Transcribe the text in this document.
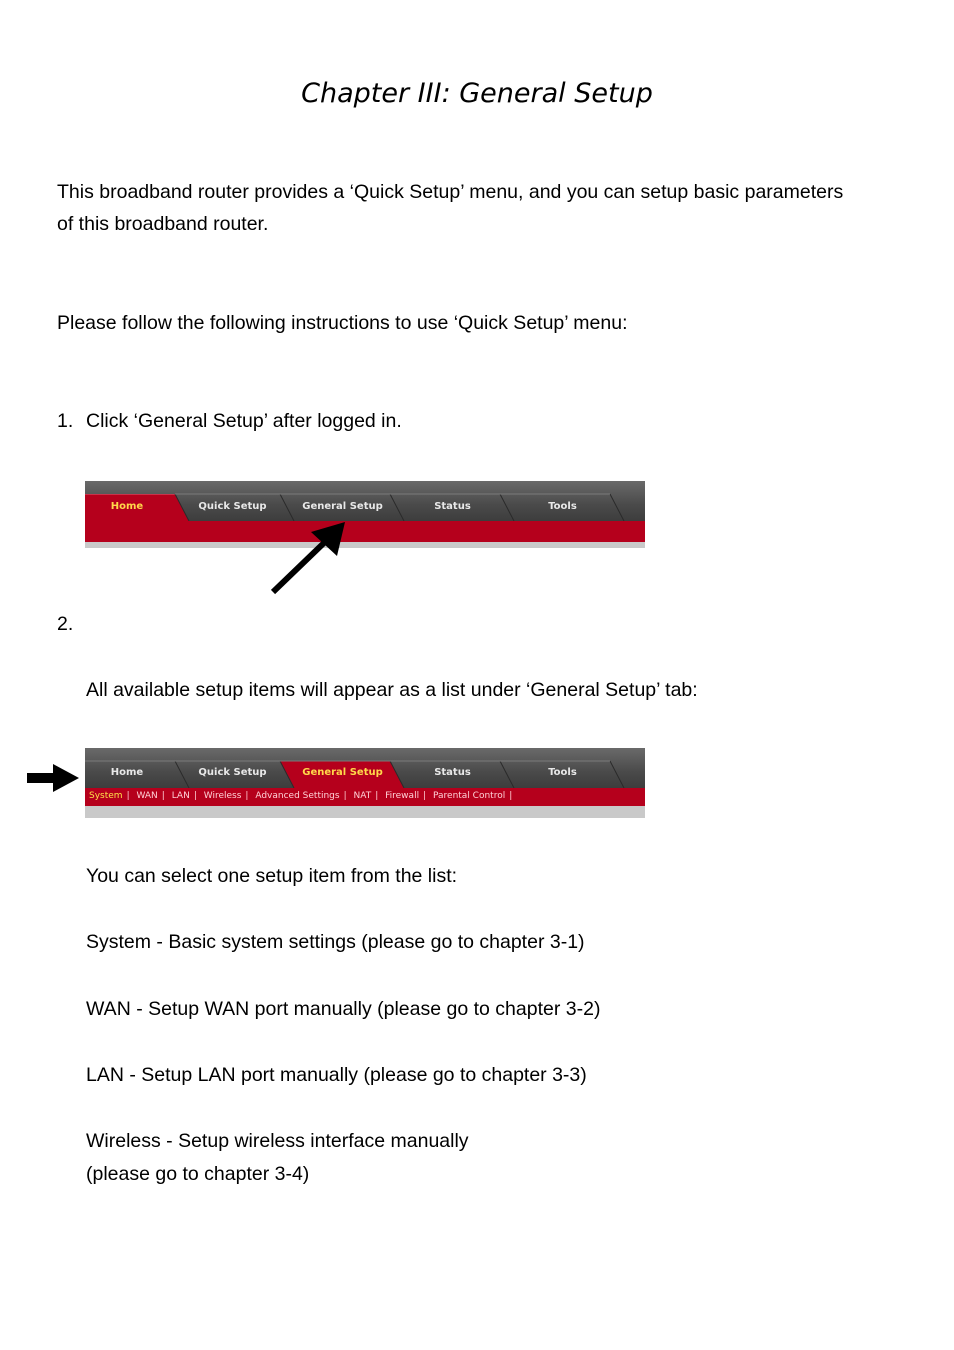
Chapter III: General Setup
This broadband router provides a ‘Quick Setup’ menu, and you can setup basic parameters
of this broadband router.
Please follow the following instructions to use ‘Quick Setup’ menu:
1. Click ‘General Setup’ after logged in.
Home	Quick Setup	General Setup	Status	Tools
2.
All available setup items will appear as a list under ‘General Setup’ tab:
Home	Quick Setup	General Setup	Status	Tools
System | WAN | LAN | Wireless | Advanced Settings | NAT | Firewall | Parental Control |
You can select one setup item from the list:
System - Basic system settings (please go to chapter 3-1)
WAN - Setup WAN port manually (please go to chapter 3-2)
LAN - Setup LAN port manually (please go to chapter 3-3)
Wireless - Setup wireless interface manually
(please go to chapter 3-4)
